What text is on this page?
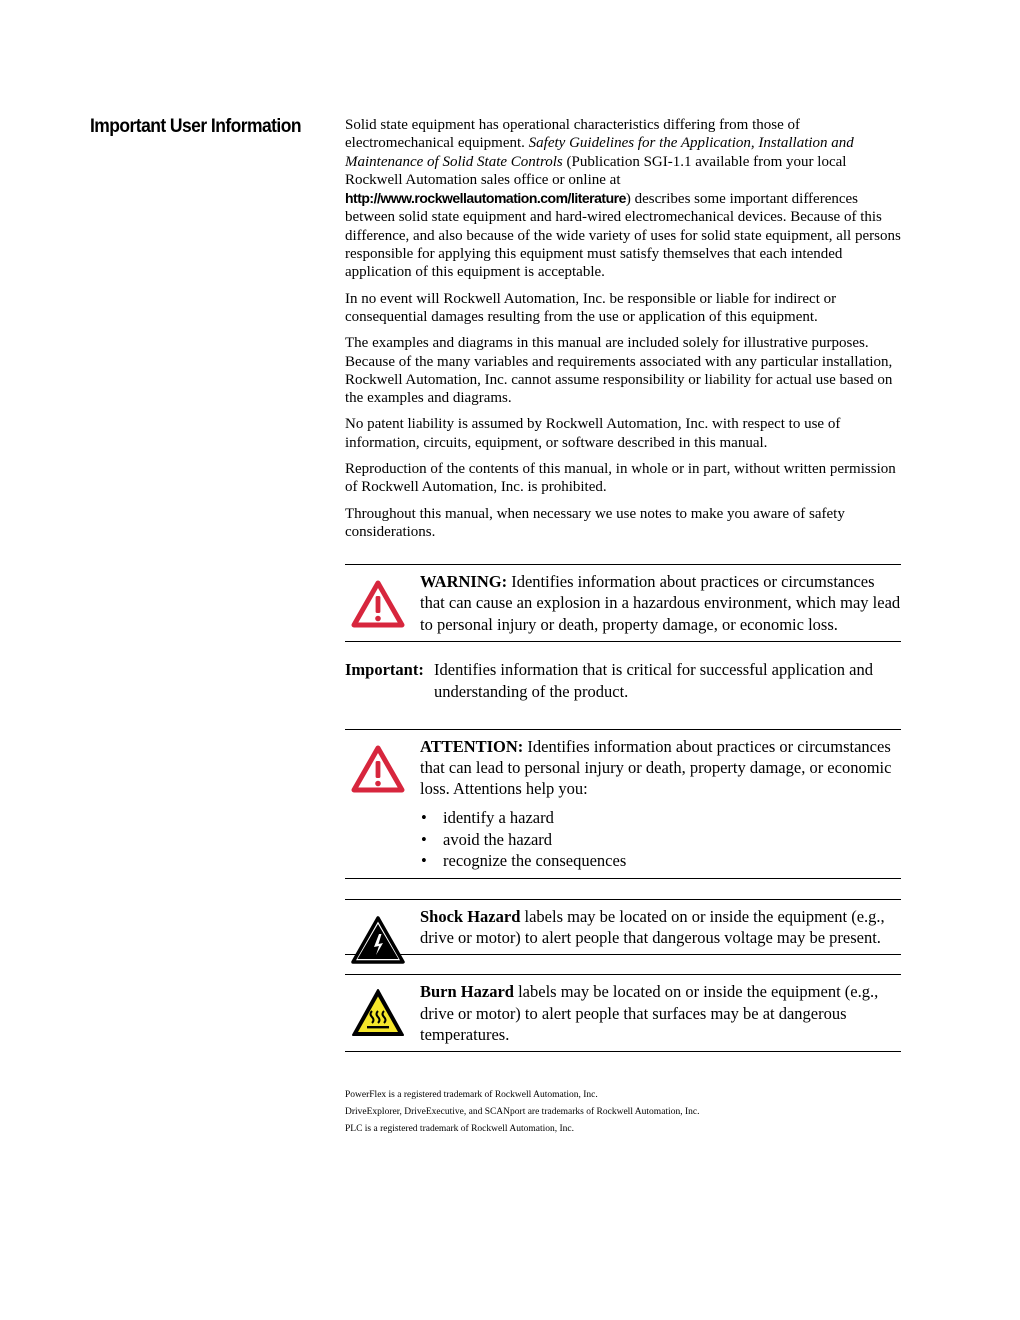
Important User Information	Solid state equipment has operational characteristics differing from those of electromechanical equipment. Safety Guidelines for the Application, Installation and Maintenance of Solid State Controls (Publication SGI-1.1 available from your local Rockwell Automation sales office or online at http://www.rockwellautomation.com/literature) describes some important differences between solid state equipment and hard-wired electromechanical devices. Because of this difference, and also because of the wide variety of uses for solid state equipment, all persons responsible for applying this equipment must satisfy themselves that each intended application of this equipment is acceptable.

In no event will Rockwell Automation, Inc. be responsible or liable for indirect or consequential damages resulting from the use or application of this equipment.

The examples and diagrams in this manual are included solely for illustrative purposes. Because of the many variables and requirements associated with any particular installation, Rockwell Automation, Inc. cannot assume responsibility or liability for actual use based on the examples and diagrams.

No patent liability is assumed by Rockwell Automation, Inc. with respect to use of information, circuits, equipment, or software described in this manual.

Reproduction of the contents of this manual, in whole or in part, without written permission of Rockwell Automation, Inc. is prohibited.

Throughout this manual, when necessary we use notes to make you aware of safety considerations.

WARNING: Identifies information about practices or circumstances that can cause an explosion in a hazardous environment, which may lead to personal injury or death, property damage, or economic loss.
Important: Identifies information that is critical for successful application and understanding of the product.
ATTENTION: Identifies information about practices or circumstances that can lead to personal injury or death, property damage, or economic loss. Attentions help you:
• identify a hazard
• avoid the hazard
• recognize the consequences
Shock Hazard labels may be located on or inside the equipment (e.g., drive or motor) to alert people that dangerous voltage may be present.
Burn Hazard labels may be located on or inside the equipment (e.g., drive or motor) to alert people that surfaces may be at dangerous temperatures.
PowerFlex is a registered trademark of Rockwell Automation, Inc.
DriveExplorer, DriveExecutive, and SCANport are trademarks of Rockwell Automation, Inc.
PLC is a registered trademark of Rockwell Automation, Inc.
